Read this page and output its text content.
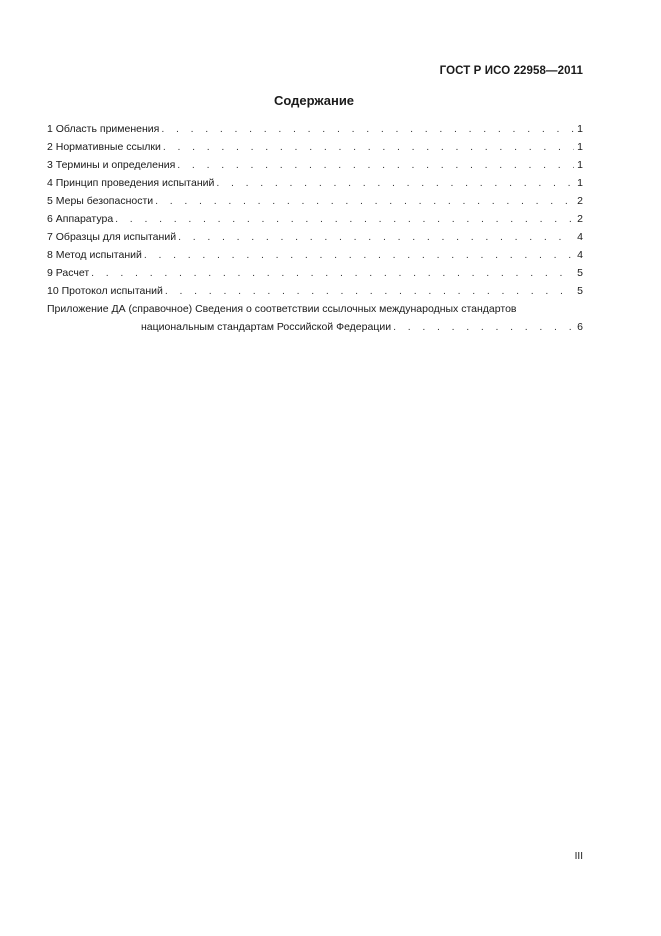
ГОСТ Р ИСО 22958—2011
Содержание
1 Область применения . . .	1
2 Нормативные ссылки . . .	1
3 Термины и определения . . .	1
4 Принцип проведения испытаний . . .	1
5 Меры безопасности . . .	2
6 Аппаратура . . .	2
7 Образцы для испытаний . . .	4
8 Метод испытаний . . .	4
9 Расчет . . .	5
10 Протокол испытаний . . .	5
Приложение ДА (справочное) Сведения о соответствии ссылочных международных стандартов
национальным стандартам Российской Федерации . . .	6
III
